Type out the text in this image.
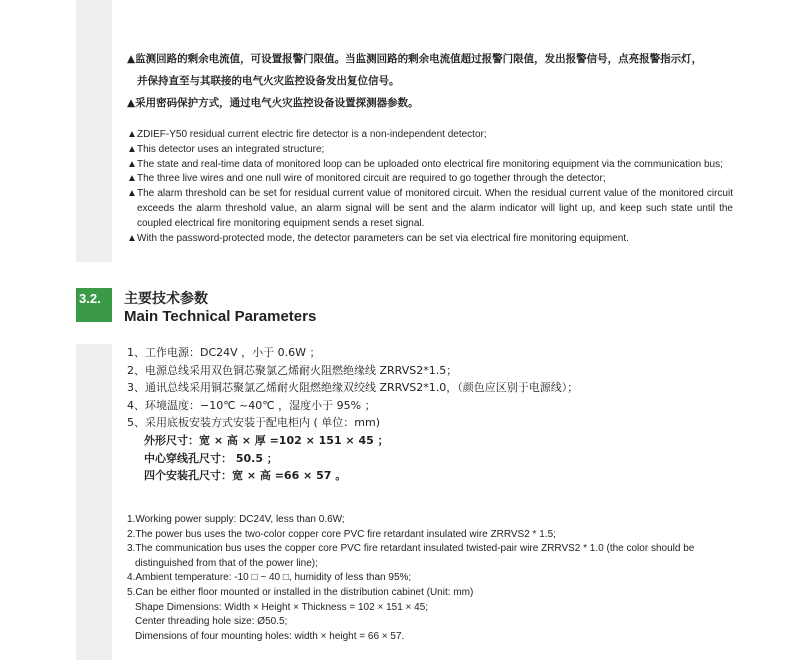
▲监测回路的剩余电流值，可设置报警门限值。当监测回路的剩余电流值超过报警门限值，发出报警信号，点亮报警指示灯，
并保持直至与其联接的电气火灾监控设备发出复位信号。
▲采用密码保护方式，通过电气火灾监控设备设置探测器参数。
▲ ZDIEF-Y50 residual current electric fire detector is a non-independent detector;
▲ This detector uses an integrated structure;
▲ The state and real-time data of monitored loop can be uploaded onto electrical fire monitoring equipment via the communication bus;
▲ The three live wires and one null wire of monitored circuit are required to go together through the detector;
▲ The alarm threshold can be set for residual current value of monitored circuit. When the residual current value of the monitored circuit exceeds the alarm threshold value, an alarm signal will be sent and the alarm indicator will light up, and keep such state until the coupled electrical fire monitoring equipment sends a reset signal.
▲ With the password-protected mode, the detector parameters can be set via electrical fire monitoring equipment.
3.2.	主要技术参数
Main Technical Parameters
1、工作电源：DC24V ，小于 0.6W ；
2、电源总线采用双色铜芯聚氯乙烯耐火阻燃绝缘线 ZRRVS2*1.5；
3、通讯总线采用铜芯聚氯乙烯耐火阻燃绝缘双绞线 ZRRVS2*1.0，（颜色应区别于电源线）；
4、环境温度：−10℃ ~40℃ ，湿度小于 95% ；
5、采用底板安装方式安装于配电柜内 ( 单位：mm)
外形尺寸：宽 × 高 × 厚 =102 × 151 × 45 ；
中心穿线孔尺寸： 50.5 ；
四个安装孔尺寸：宽 × 高 =66 × 57 。
1.Working power supply: DC24V, less than 0.6W;
2.The power bus uses the two-color copper core PVC fire retardant insulated wire ZRRVS2 * 1.5;
3.The communication bus uses the copper core PVC fire retardant insulated twisted-pair wire ZRRVS2 * 1.0 (the color should be distinguished from that of the power line);
4.Ambient temperature: -10 □ ~ 40 □, humidity of less than 95%;
5.Can be either floor mounted or installed in the distribution cabinet (Unit: mm)
Shape Dimensions: Width × Height × Thickness = 102 × 151 × 45;
Center threading hole size: Ø50.5;
Dimensions of four mounting holes: width × height = 66 × 57.
